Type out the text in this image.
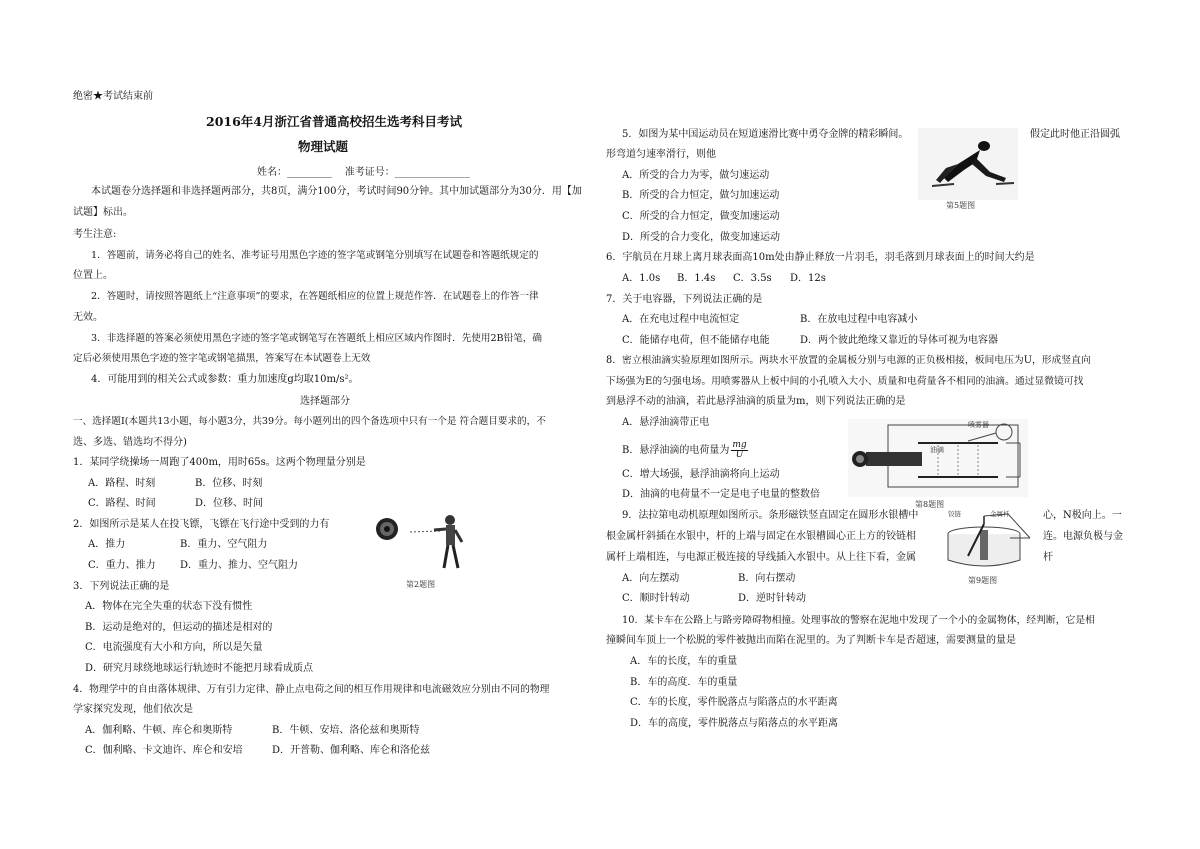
绝密★考试结束前
2016年4月浙江省普通高校招生选考科目考试
物理试题
姓名：_________ 准考证号：_______________
本试题卷分选择题和非选择题两部分，共8页，满分100分，考试时间90分钟。其中加试题部分为30分．用【加
试题】标出。
考生注意:
1．答题前，请务必将自己的姓名、准考证号用黑色字迹的签字笔或钢笔分别填写在试题卷和答题纸规定的
位置上。
2．答题时，请按照答题纸上“注意事项”的要求，在答题纸相应的位置上规范作答．在试题卷上的作答一律
无效。
3．非选择题的答案必须使用黑色字迹的签字笔或钢笔写在答题纸上相应区域内作图时．先使用2B铅笔，确
定后必须使用黑色字迹的签字笔或钢笔描黑，答案写在本试题卷上无效
4．可能用到的相关公式或参数：重力加速度g均取10m/s²。
选择题部分
一、选择题Ⅰ(本题共13小题，每小题3分，共39分。每小题列出的四个备选项中只有一个是 符合题目要求的，不
选、多选、错选均不得分)
1．某同学绕操场一周跑了400m，用时65s。这两个物理量分别是
A．路程、时刻	B．位移、时刻
C．路程、时间	D．位移、时间
2．如图所示是某人在投飞镖，飞镖在飞行途中受到的力有
A．推力	B．重力、空气阻力
C．重力、推力 D．重力、推力、空气阻力
第2题图
3．下列说法正确的是
A．物体在完全失重的状态下没有惯性
B．运动是绝对的，但运动的描述是相对的
C．电流强度有大小和方向，所以是矢量
D．研究月球绕地球运行轨迹时不能把月球看成质点
4．物理学中的自由落体规律、万有引力定律、静止点电荷之间的相互作用规律和电流磁效应分别由不同的物理
学家探究发现，他们依次是
A．伽利略、牛顿、库仑和奥斯特	B．牛顿、安培、洛伦兹和奥斯特
C．伽利略、卡文迪许、库仑和安培	D．开普勒、伽利略、库仑和洛伦兹
5．如图为某中国运动员在短道速滑比赛中勇夺金牌的精彩瞬间。	假定此时他正沿圆弧
形弯道匀速率滑行，则他
第5题图
A．所受的合力为零，做匀速运动
B．所受的合力恒定，做匀加速运动
C．所受的合力恒定，做变加速运动
D．所受的合力变化，做变加速运动
6．宇航员在月球上离月球表面高10m处由静止释放一片羽毛，羽毛落到月球表面上的时间大约是
A．1.0s B．1.4s C．3.5s D．12s
7．关于电容器，下列说法正确的是
A．在充电过程中电流恒定	B．在放电过程中电容减小
C．能储存电荷，但不能储存电能	D．两个彼此绝缘又靠近的导体可视为电容器
8．密立根油滴实验原理如图所示。两块水平放置的金属板分别与电源的正负极相接，板间电压为U，形成竖直向
下场强为E的匀强电场。用喷雾器从上板中间的小孔喷入大小、质量和电荷量各不相同的油滴。通过显微镜可找
到悬浮不动的油滴，若此悬浮油滴的质量为m，则下列说法正确的是
A．悬浮油滴带正电
B．悬浮油滴的电荷量为 $\frac{mg}{U}$
C．增大场强，悬浮油滴将向上运动
D．油滴的电荷量不一定是电子电量的整数倍
喷雾器
油滴
第8题图
9．法拉第电动机原理如图所示。条形磁铁竖直固定在圆形水银槽中	心，N极向上。一
根金属杆斜插在水银中，杆的上端与固定在水银槽圆心正上方的铰链相	连。电源负极与金
属杆上端相连，与电源正极连接的导线插入水银中。从上往下看，金属	杆
铰链	金属杆
第9题图
A．向左摆动	B．向右摆动
C．顺时针转动	D．逆时针转动
10．某卡车在公路上与路旁障碍物相撞。处理事故的警察在泥地中发现了一个小的金属物体，经判断，它是相
撞瞬间车顶上一个松脱的零件被抛出而陷在泥里的。为了判断卡车是否超速，需要测量的量是
A．车的长度，车的重量
B．车的高度．车的重量
C．车的长度，零件脱落点与陷落点的水平距离
D．车的高度，零件脱落点与陷落点的水平距离
